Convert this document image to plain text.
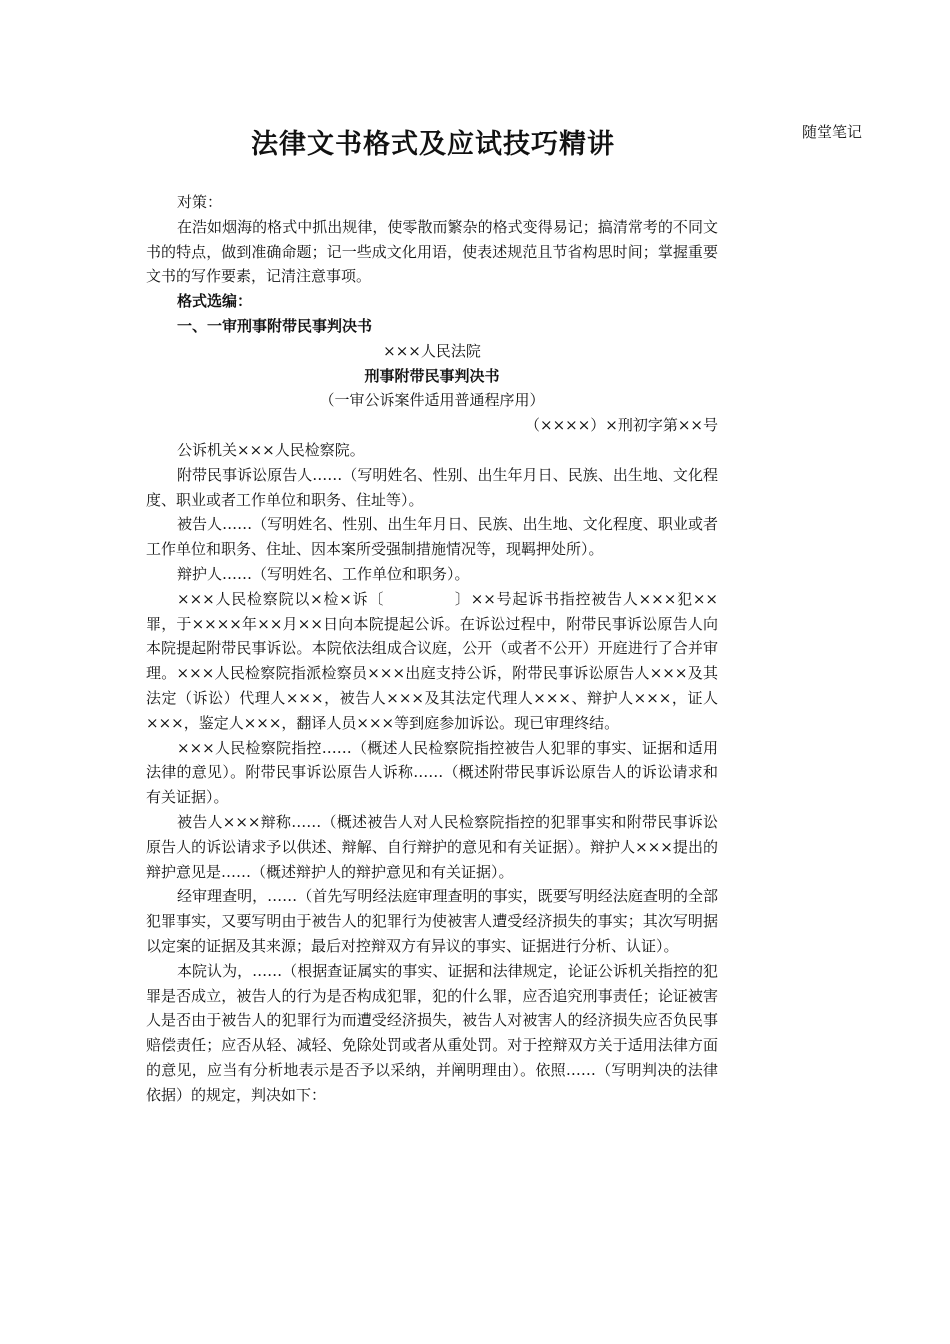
随堂笔记
法律文书格式及应试技巧精讲

对策：

在浩如烟海的格式中抓出规律，使零散而繁杂的格式变得易记；搞清常考的不同文书的特点，做到准确命题；记一些成文化用语，使表述规范且节省构思时间；掌握重要文书的写作要素，记清注意事项。

格式选编：

一、一审刑事附带民事判决书

×××人民法院

刑事附带民事判决书

（一审公诉案件适用普通程序用）

（××××）×刑初字第××号

公诉机关×××人民检察院。

附带民事诉讼原告人……（写明姓名、性别、出生年月日、民族、出生地、文化程度、职业或者工作单位和职务、住址等）。

被告人……（写明姓名、性别、出生年月日、民族、出生地、文化程度、职业或者工作单位和职务、住址、因本案所受强制措施情况等，现羁押处所）。

辩护人……（写明姓名、工作单位和职务）。

×××人民检察院以×检×诉〔	〕××号起诉书指控被告人×××犯××罪，于××××年××月××日向本院提起公诉。在诉讼过程中，附带民事诉讼原告人向本院提起附带民事诉讼。本院依法组成合议庭，公开（或者不公开）开庭进行了合并审理。×××人民检察院指派检察员×××出庭支持公诉，附带民事诉讼原告人×××及其法定（诉讼）代理人×××，被告人×××及其法定代理人×××、辩护人×××，证人×××，鉴定人×××，翻译人员×××等到庭参加诉讼。现已审理终结。

×××人民检察院指控……（概述人民检察院指控被告人犯罪的事实、证据和适用法律的意见）。附带民事诉讼原告人诉称……（概述附带民事诉讼原告人的诉讼请求和有关证据）。

被告人×××辩称……（概述被告人对人民检察院指控的犯罪事实和附带民事诉讼原告人的诉讼请求予以供述、辩解、自行辩护的意见和有关证据）。辩护人×××提出的辩护意见是……（概述辩护人的辩护意见和有关证据）。

经审理查明，……（首先写明经法庭审理查明的事实，既要写明经法庭查明的全部犯罪事实，又要写明由于被告人的犯罪行为使被害人遭受经济损失的事实；其次写明据以定案的证据及其来源；最后对控辩双方有异议的事实、证据进行分析、认证）。

本院认为，……（根据查证属实的事实、证据和法律规定，论证公诉机关指控的犯罪是否成立，被告人的行为是否构成犯罪，犯的什么罪，应否追究刑事责任；论证被害人是否由于被告人的犯罪行为而遭受经济损失，被告人对被害人的经济损失应否负民事赔偿责任；应否从轻、减轻、免除处罚或者从重处罚。对于控辩双方关于适用法律方面的意见，应当有分析地表示是否予以采纳，并阐明理由）。依照……（写明判决的法律依据）的规定，判决如下：
